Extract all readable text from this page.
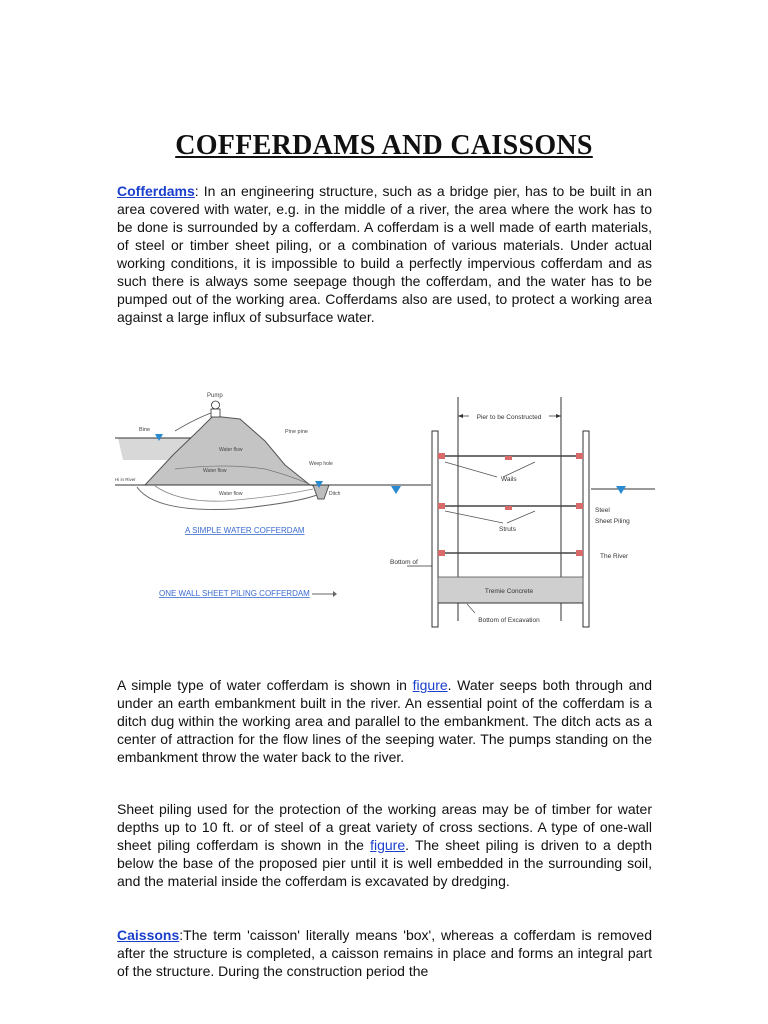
COFFERDAMS AND CAISSONS
Cofferdams: In an engineering structure, such as a bridge pier, has to be built in an area covered with water, e.g. in the middle of a river, the area where the work has to be done is surrounded by a cofferdam. A cofferdam is a well made of earth materials, of steel or timber sheet piling, or a combination of various materials. Under actual working conditions, it is impossible to build a perfectly impervious cofferdam and as such there is always some seepage though the cofferdam, and the water has to be pumped out of the working area. Cofferdams also are used, to protect a working area against a large influx of subsurface water.
Pump
Bine	Pine pine
Water flow
Water flow
Water flow
Weep hole
Ditch
Hi in River
A SIMPLE WATER COFFERDAM
ONE WALL SHEET PILING COFFERDAM
Pier to be Constructed
Wails
Struts
Tremie Concrete
Bottom of Excavation
Bottom of
Steel
Sheet Piling
The River
A simple type of water cofferdam is shown in figure. Water seeps both through and under an earth embankment built in the river. An essential point of the cofferdam is a ditch dug within the working area and parallel to the embankment. The ditch acts as a center of attraction for the flow lines of the seeping water. The pumps standing on the embankment throw the water back to the river.
Sheet piling used for the protection of the working areas may be of timber for water depths up to 10 ft. or of steel of a great variety of cross sections. A type of one-wall sheet piling cofferdam is shown in the figure. The sheet piling is driven to a depth below the base of the proposed pier until it is well embedded in the surrounding soil, and the material inside the cofferdam is excavated by dredging.
Caissons:The term 'caisson' literally means 'box', whereas a cofferdam is removed after the structure is completed, a caisson remains in place and forms an integral part of the structure. During the construction period the
